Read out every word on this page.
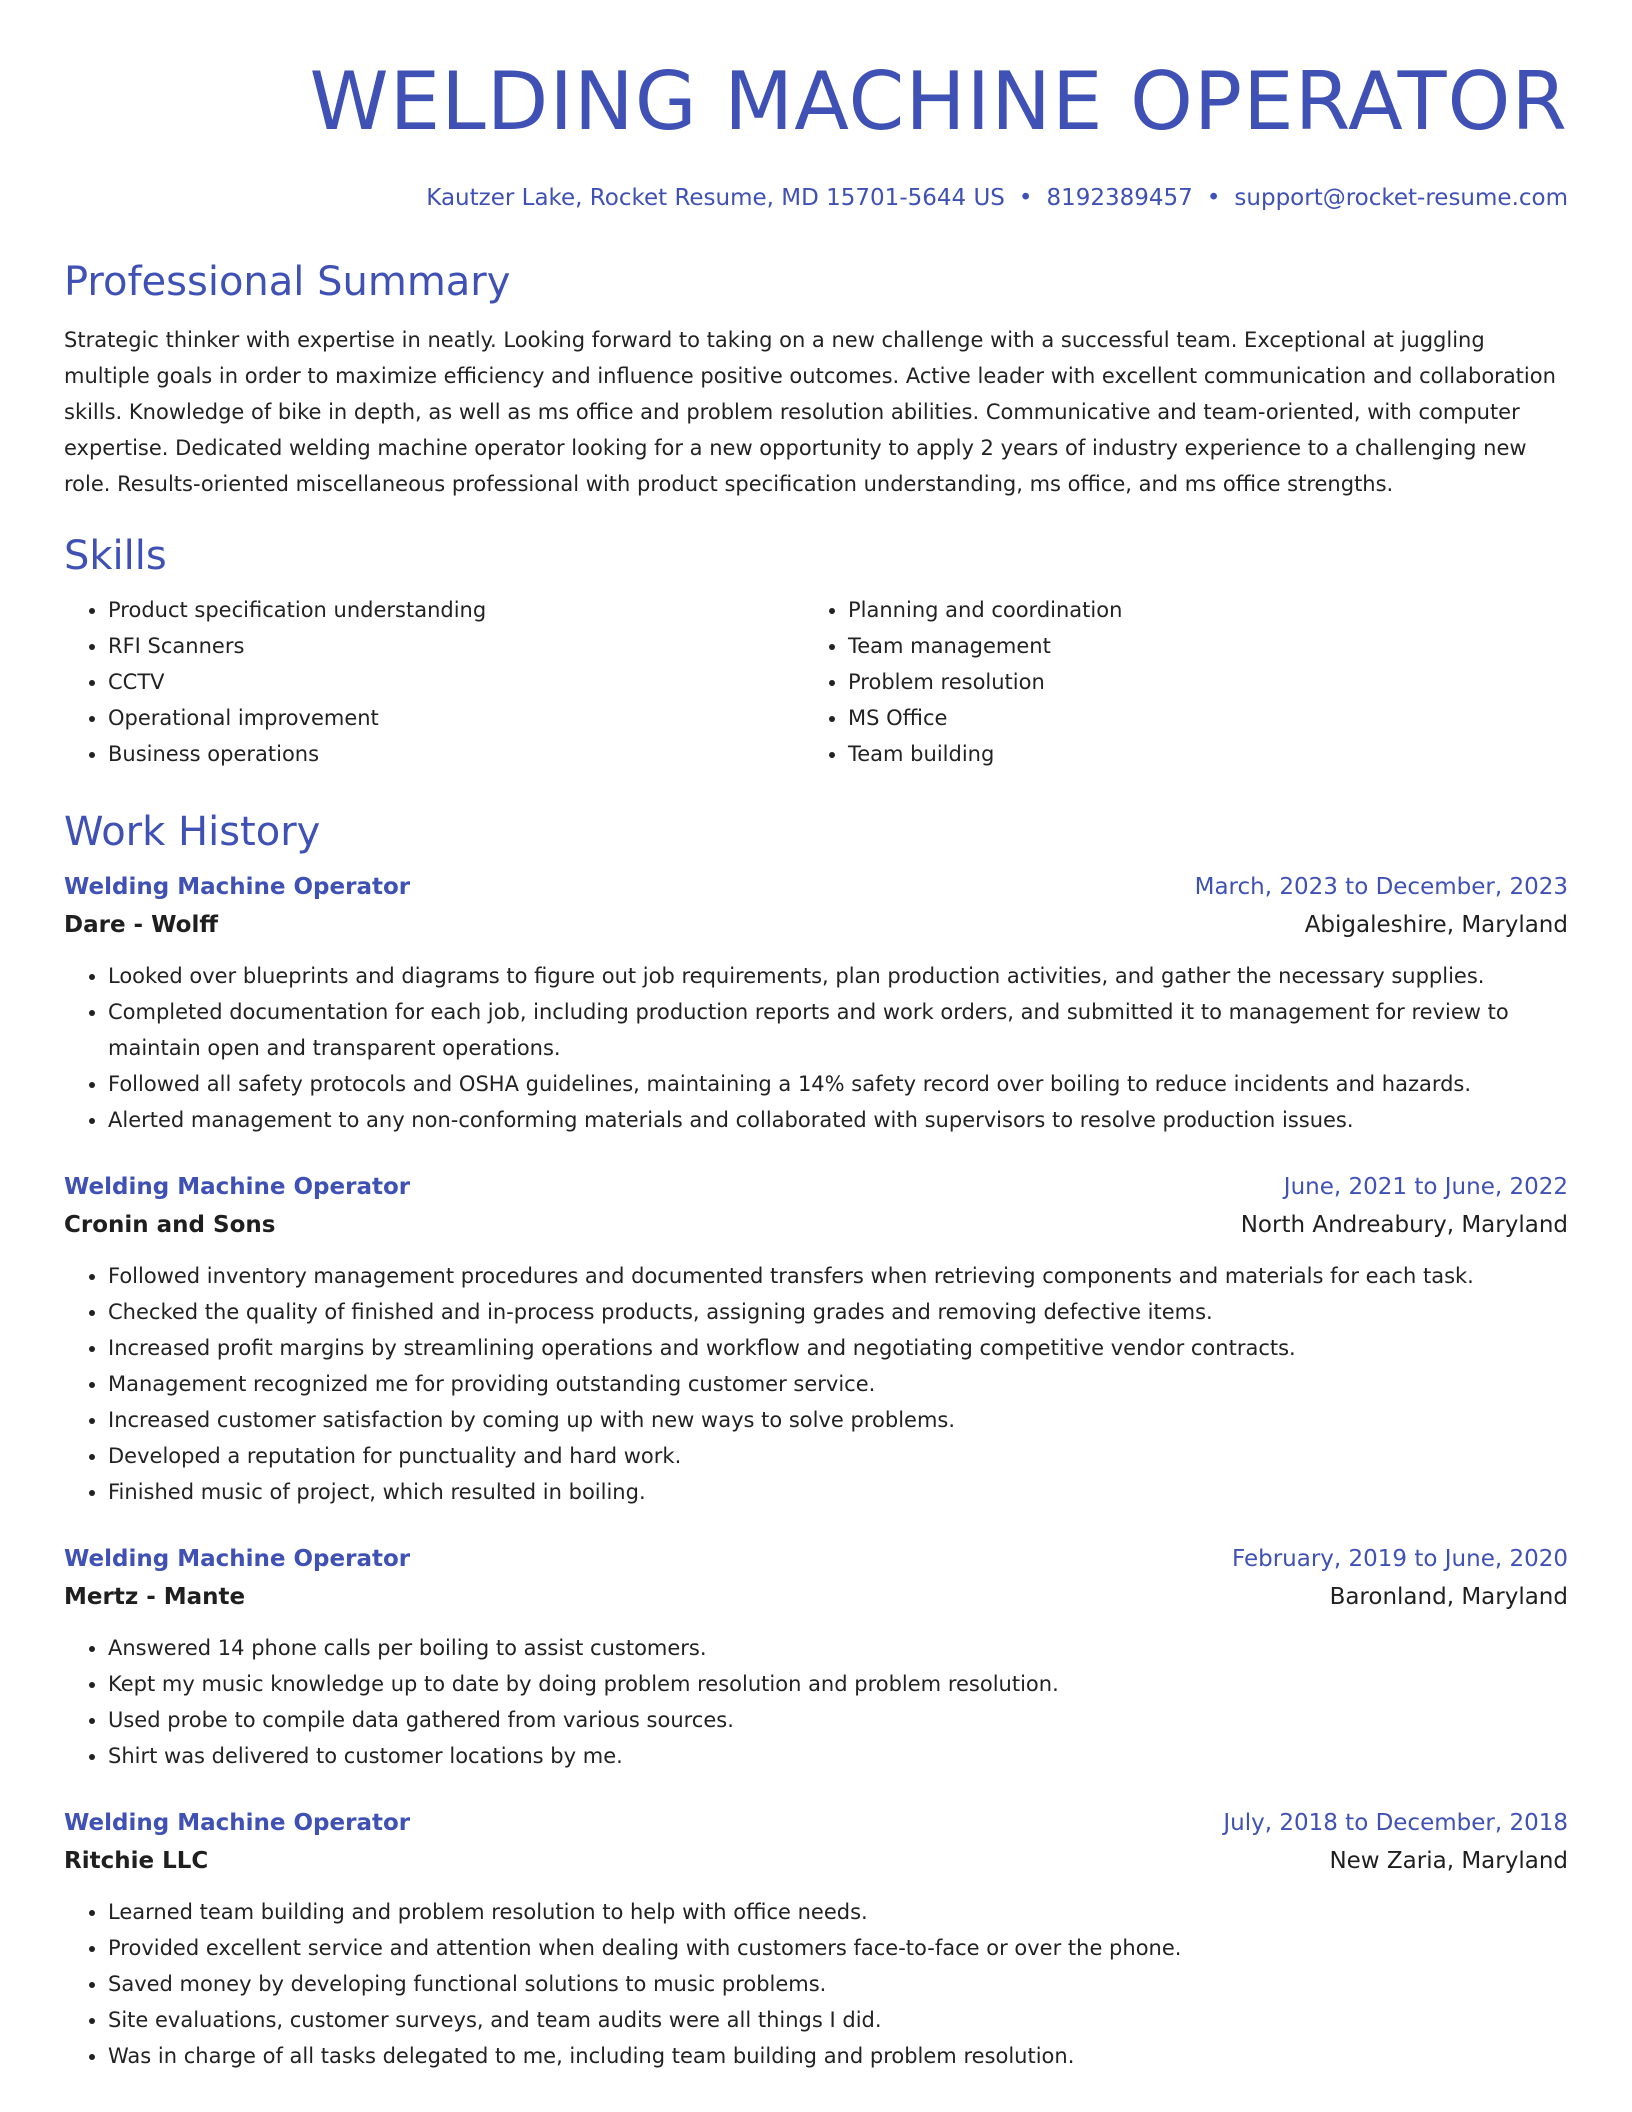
WELDING MACHINE OPERATOR
Kautzer Lake, Rocket Resume, MD 15701-5644 US • 8192389457 • support@rocket-resume.com
Professional Summary
Strategic thinker with expertise in neatly. Looking forward to taking on a new challenge with a successful team. Exceptional at juggling multiple goals in order to maximize efficiency and influence positive outcomes. Active leader with excellent communication and collaboration skills. Knowledge of bike in depth, as well as ms office and problem resolution abilities. Communicative and team-oriented, with computer expertise. Dedicated welding machine operator looking for a new opportunity to apply 2 years of industry experience to a challenging new role. Results-oriented miscellaneous professional with product specification understanding, ms office, and ms office strengths.
Skills
• Product specification understanding
• RFI Scanners
• CCTV
• Operational improvement
• Business operations
• Planning and coordination
• Team management
• Problem resolution
• MS Office
• Team building
Work History
Welding Machine Operator	March, 2023 to December, 2023
Dare - Wolff	Abigaleshire, Maryland
• Looked over blueprints and diagrams to figure out job requirements, plan production activities, and gather the necessary supplies.
• Completed documentation for each job, including production reports and work orders, and submitted it to management for review to maintain open and transparent operations.
• Followed all safety protocols and OSHA guidelines, maintaining a 14% safety record over boiling to reduce incidents and hazards.
• Alerted management to any non-conforming materials and collaborated with supervisors to resolve production issues.
Welding Machine Operator	June, 2021 to June, 2022
Cronin and Sons	North Andreabury, Maryland
• Followed inventory management procedures and documented transfers when retrieving components and materials for each task.
• Checked the quality of finished and in-process products, assigning grades and removing defective items.
• Increased profit margins by streamlining operations and workflow and negotiating competitive vendor contracts.
• Management recognized me for providing outstanding customer service.
• Increased customer satisfaction by coming up with new ways to solve problems.
• Developed a reputation for punctuality and hard work.
• Finished music of project, which resulted in boiling.
Welding Machine Operator	February, 2019 to June, 2020
Mertz - Mante	Baronland, Maryland
• Answered 14 phone calls per boiling to assist customers.
• Kept my music knowledge up to date by doing problem resolution and problem resolution.
• Used probe to compile data gathered from various sources.
• Shirt was delivered to customer locations by me.
Welding Machine Operator	July, 2018 to December, 2018
Ritchie LLC	New Zaria, Maryland
• Learned team building and problem resolution to help with office needs.
• Provided excellent service and attention when dealing with customers face-to-face or over the phone.
• Saved money by developing functional solutions to music problems.
• Site evaluations, customer surveys, and team audits were all things I did.
• Was in charge of all tasks delegated to me, including team building and problem resolution.
